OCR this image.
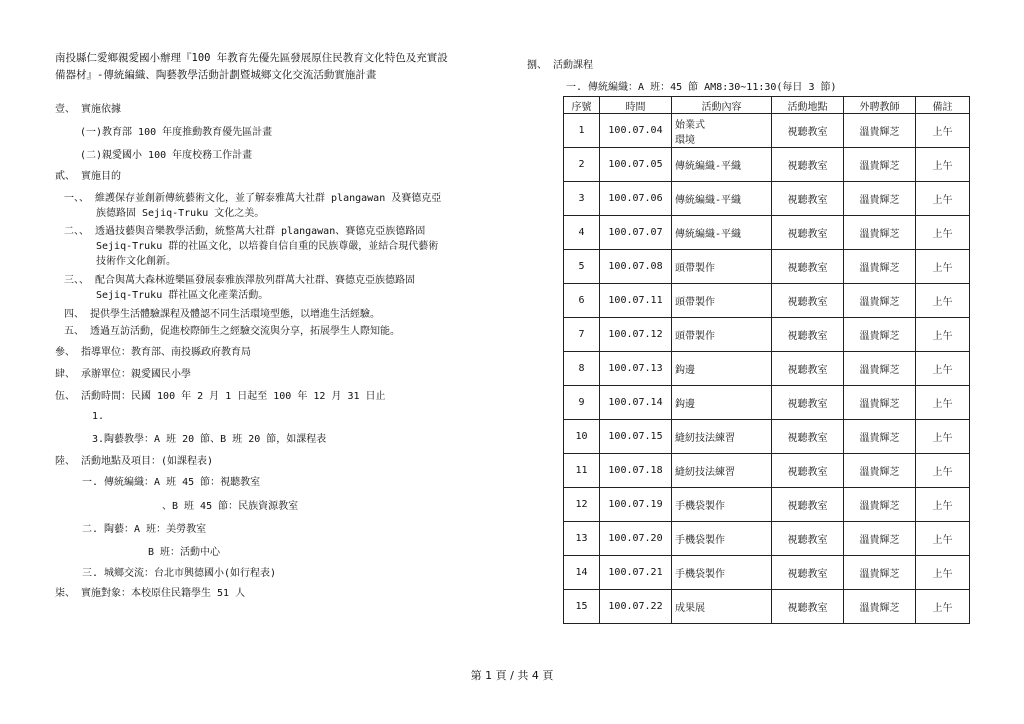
南投縣仁愛鄉親愛國小辦理『100 年教育先優先區發展原住民教育文化特色及充實設
備器材』-傳統編織、陶藝教學活動計劃暨城鄉文化交流活動實施計畫
壹、 實施依據
(一)教育部 100 年度推動教育優先區計畫
(二)親愛國小 100 年度校務工作計畫
貳、 實施目的
一、、 維護保存並創新傳統藝術文化，並了解泰雅萬大社群 plangawan 及賽德克亞
族德路固 Sejiq-Truku 文化之美。
二、、 透過技藝與音樂教學活動，統整萬大社群 plangawan、賽德克亞族德路固
Sejiq-Truku 群的社區文化，以培養自信自重的民族尊嚴，並結合現代藝術
技術作文化創新。
三、、 配合與萬大森林遊樂區發展泰雅族澤敖列群萬大社群、賽德克亞族德路固
Sejiq-Truku 群社區文化產業活動。
四、 提供學生活體驗課程及體認不同生活環境型態，以增進生活經驗。
五、 透過互訪活動，促進校際師生之經驗交流與分享，拓展學生人際知能。
參、 指導單位：教育部、南投縣政府教育局
肆、 承辦單位：親愛國民小學
伍、 活動時間：民國 100 年 2 月 1 日起至 100 年 12 月 31 日止
1.
3.陶藝教學：A 班 20 節、B 班 20 節，如課程表
陸、 活動地點及項目：(如課程表)
一. 傳統編織：A 班 45 節：視聽教室
、B 班 45 節：民族資源教室
二. 陶藝：A 班：美勞教室
B 班：活動中心
三. 城鄉交流：台北市興德國小(如行程表)
柒、 實施對象：本校原住民籍學生 51 人
捌、 活動課程
一. 傳統編織：A 班：45 節 AM8:30~11:30(每日 3 節)
序號	時間	活動內容	活動地點	外聘教師	備註
1	100.07.04	始業式
環境	視聽教室	溫貴輝芝	上午
2	100.07.05	傳統編織-平織	視聽教室	溫貴輝芝	上午
3	100.07.06	傳統編織-平織	視聽教室	溫貴輝芝	上午
4	100.07.07	傳統編織-平織	視聽教室	溫貴輝芝	上午
5	100.07.08	頭帶製作	視聽教室	溫貴輝芝	上午
6	100.07.11	頭帶製作	視聽教室	溫貴輝芝	上午
7	100.07.12	頭帶製作	視聽教室	溫貴輝芝	上午
8	100.07.13	鈎邊	視聽教室	溫貴輝芝	上午
9	100.07.14	鈎邊	視聽教室	溫貴輝芝	上午
10	100.07.15	縫紉技法練習	視聽教室	溫貴輝芝	上午
11	100.07.18	縫紉技法練習	視聽教室	溫貴輝芝	上午
12	100.07.19	手機袋製作	視聽教室	溫貴輝芝	上午
13	100.07.20	手機袋製作	視聽教室	溫貴輝芝	上午
14	100.07.21	手機袋製作	視聽教室	溫貴輝芝	上午
15	100.07.22	成果展	視聽教室	溫貴輝芝	上午
第 1 頁 / 共 4 頁
